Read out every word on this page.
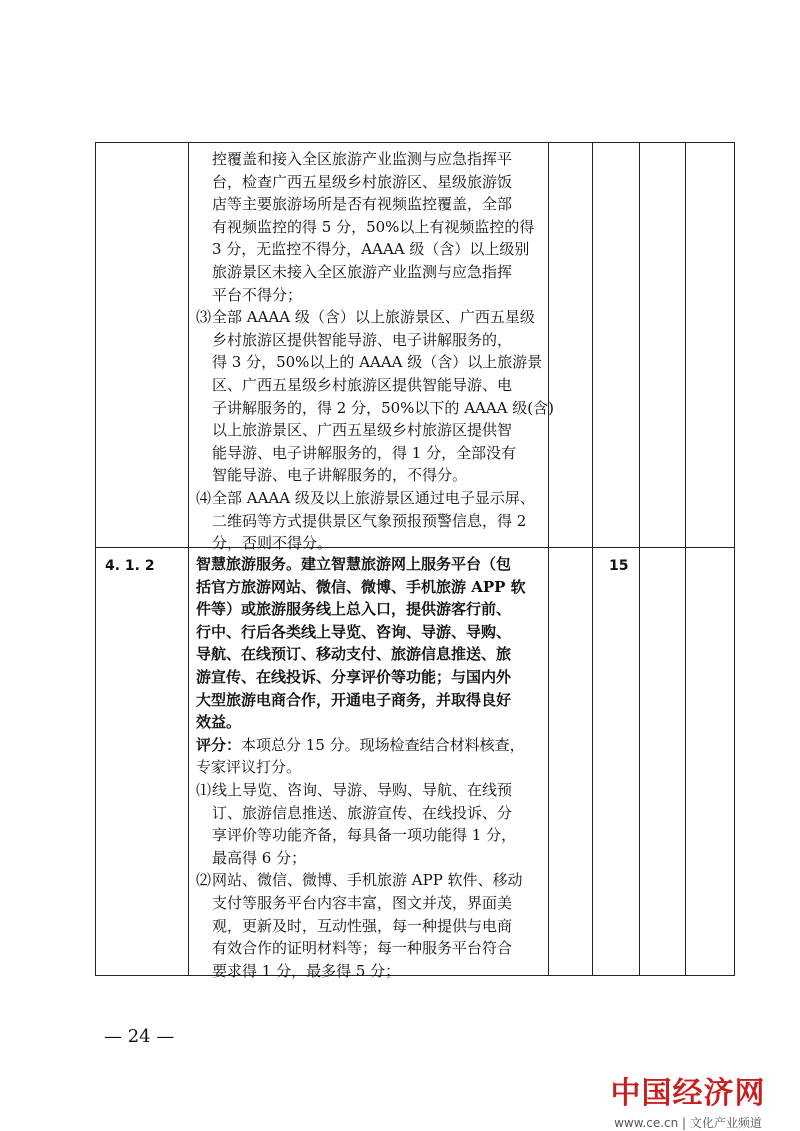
控覆盖和接入全区旅游产业监测与应急指挥平

台，检查广西五星级乡村旅游区、星级旅游饭

店等主要旅游场所是否有视频监控覆盖，全部

有视频监控的得 5 分，50%以上有视频监控的得

3 分，无监控不得分，AAAA 级（含）以上级别

旅游景区未接入全区旅游产业监测与应急指挥

平台不得分；

⑶ 全部 AAAA 级（含）以上旅游景区、广西五星级

乡村旅游区提供智能导游、电子讲解服务的，

得 3 分，50%以上的 AAAA 级（含）以上旅游景

区、广西五星级乡村旅游区提供智能导游、电

子讲解服务的，得 2 分，50%以下的 AAAA 级(含)

以上旅游景区、广西五星级乡村旅游区提供智

能导游、电子讲解服务的，得 1 分，全部没有

智能导游、电子讲解服务的，不得分。

⑷ 全部 AAAA 级及以上旅游景区通过电子显示屏、

二维码等方式提供景区气象预报预警信息，得 2

分，否则不得分。

4. 1. 2	15

智慧旅游服务。建立智慧旅游网上服务平台（包

括官方旅游网站、微信、微博、手机旅游 APP 软

件等）或旅游服务线上总入口，提供游客行前、

行中、行后各类线上导览、咨询、导游、导购、

导航、在线预订、移动支付、旅游信息推送、旅

游宣传、在线投诉、分享评价等功能；与国内外

大型旅游电商合作，开通电子商务，并取得良好

效益。

评分：本项总分 15 分。现场检查结合材料核查，

专家评议打分。

⑴ 线上导览、咨询、导游、导购、导航、在线预

订、旅游信息推送、旅游宣传、在线投诉、分

享评价等功能齐备，每具备一项功能得 1 分，

最高得 6 分；

⑵ 网站、微信、微博、手机旅游 APP 软件、移动

支付等服务平台内容丰富，图文并茂，界面美

观，更新及时，互动性强，每一种提供与电商

有效合作的证明材料等；每一种服务平台符合

要求得 1 分，最多得 5 分；

— 24 —
中国经济网
www.ce.cn | 文化产业频道
